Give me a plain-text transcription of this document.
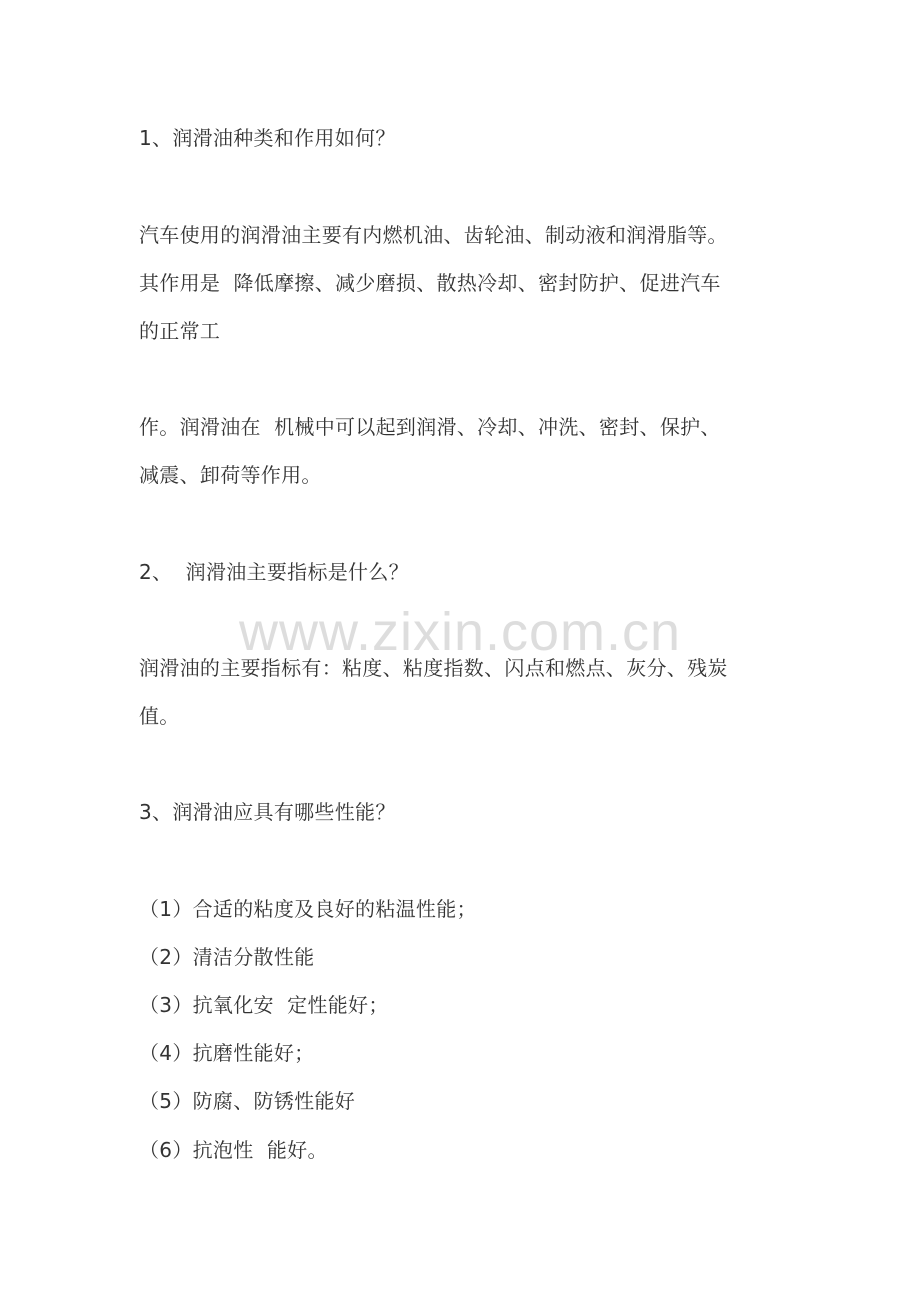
1、润滑油种类和作用如何？
汽车使用的润滑油主要有内燃机油、齿轮油、制动液和润滑脂等。
其作用是  降低摩擦、减少磨损、散热冷却、密封防护、促进汽车
的正常工
作。润滑油在  机械中可以起到润滑、冷却、冲洗、密封、保护、
减震、卸荷等作用。
2、  润滑油主要指标是什么？
www.zixin.com.cn
润滑油的主要指标有：粘度、粘度指数、闪点和燃点、灰分、残炭
值。
3、润滑油应具有哪些性能？
（1）合适的粘度及良好的粘温性能；
（2）清洁分散性能
（3）抗氧化安  定性能好；
（4）抗磨性能好；
（5）防腐、防锈性能好
（6）抗泡性  能好。
